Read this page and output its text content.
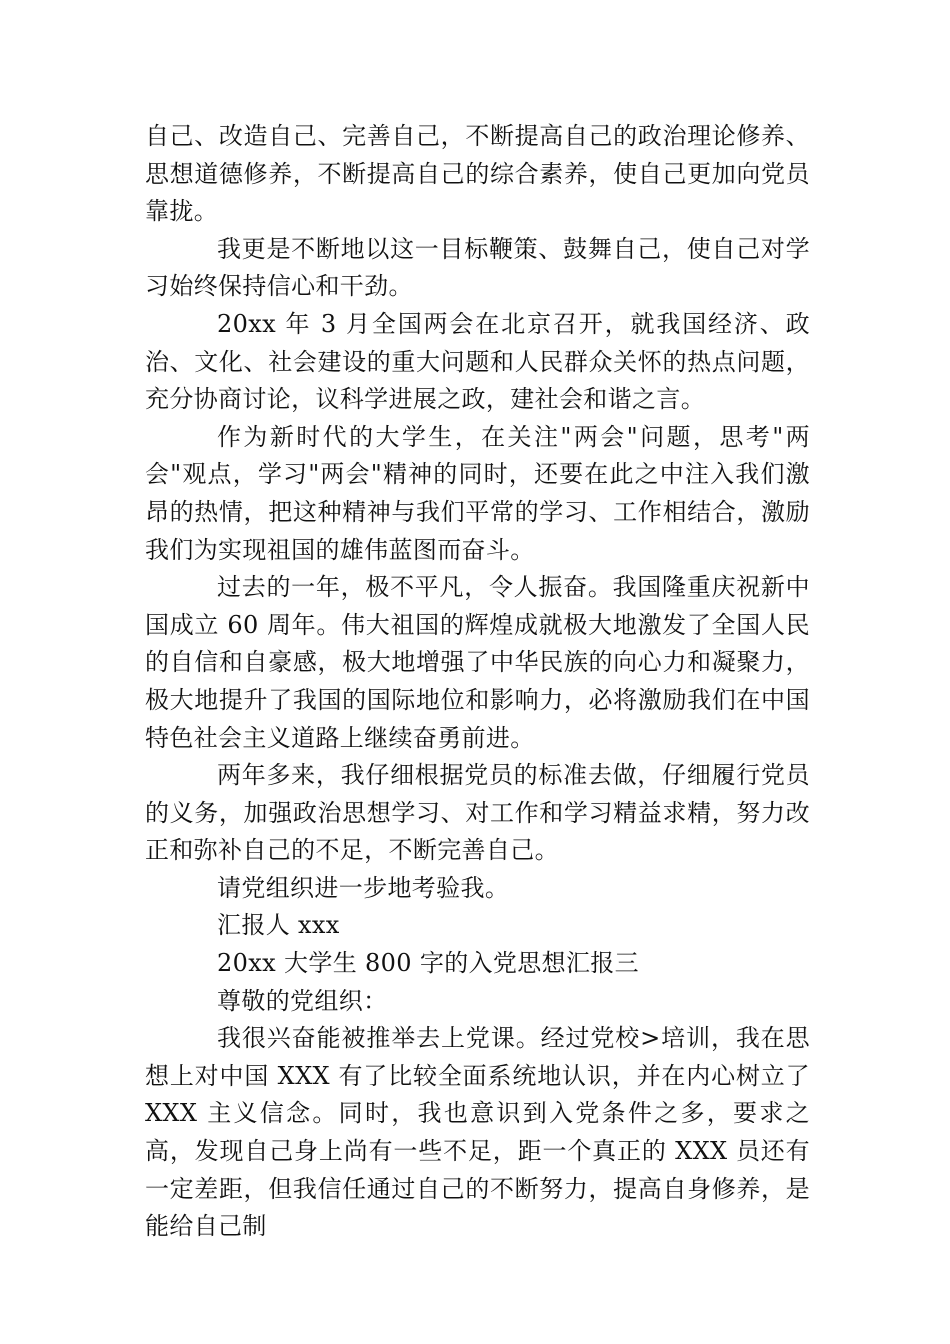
自己、改造自己、完善自己，不断提高自己的政治理论修养、思想道德修养，不断提高自己的综合素养，使自己更加向党员靠拢。

我更是不断地以这一目标鞭策、鼓舞自己，使自己对学习始终保持信心和干劲。

20xx 年 3 月全国两会在北京召开，就我国经济、政治、文化、社会建设的重大问题和人民群众关怀的热点问题，充分协商讨论，议科学进展之政，建社会和谐之言。

作为新时代的大学生，在关注"两会"问题，思考"两会"观点，学习"两会"精神的同时，还要在此之中注入我们激昂的热情，把这种精神与我们平常的学习、工作相结合，激励我们为实现祖国的雄伟蓝图而奋斗。

过去的一年，极不平凡，令人振奋。我国隆重庆祝新中国成立 60 周年。伟大祖国的辉煌成就极大地激发了全国人民的自信和自豪感，极大地增强了中华民族的向心力和凝聚力，极大地提升了我国的国际地位和影响力，必将激励我们在中国特色社会主义道路上继续奋勇前进。

两年多来，我仔细根据党员的标准去做，仔细履行党员的义务，加强政治思想学习、对工作和学习精益求精，努力改正和弥补自己的不足，不断完善自己。

请党组织进一步地考验我。

汇报人 xxx

20xx 大学生 800 字的入党思想汇报三

尊敬的党组织：

我很兴奋能被推举去上党课。经过党校>培训，我在思想上对中国 XXX 有了比较全面系统地认识，并在内心树立了 XXX 主义信念。同时，我也意识到入党条件之多，要求之高，发现自己身上尚有一些不足，距一个真正的 XXX 员还有一定差距，但我信任通过自己的不断努力，提高自身修养，是能给自己制
